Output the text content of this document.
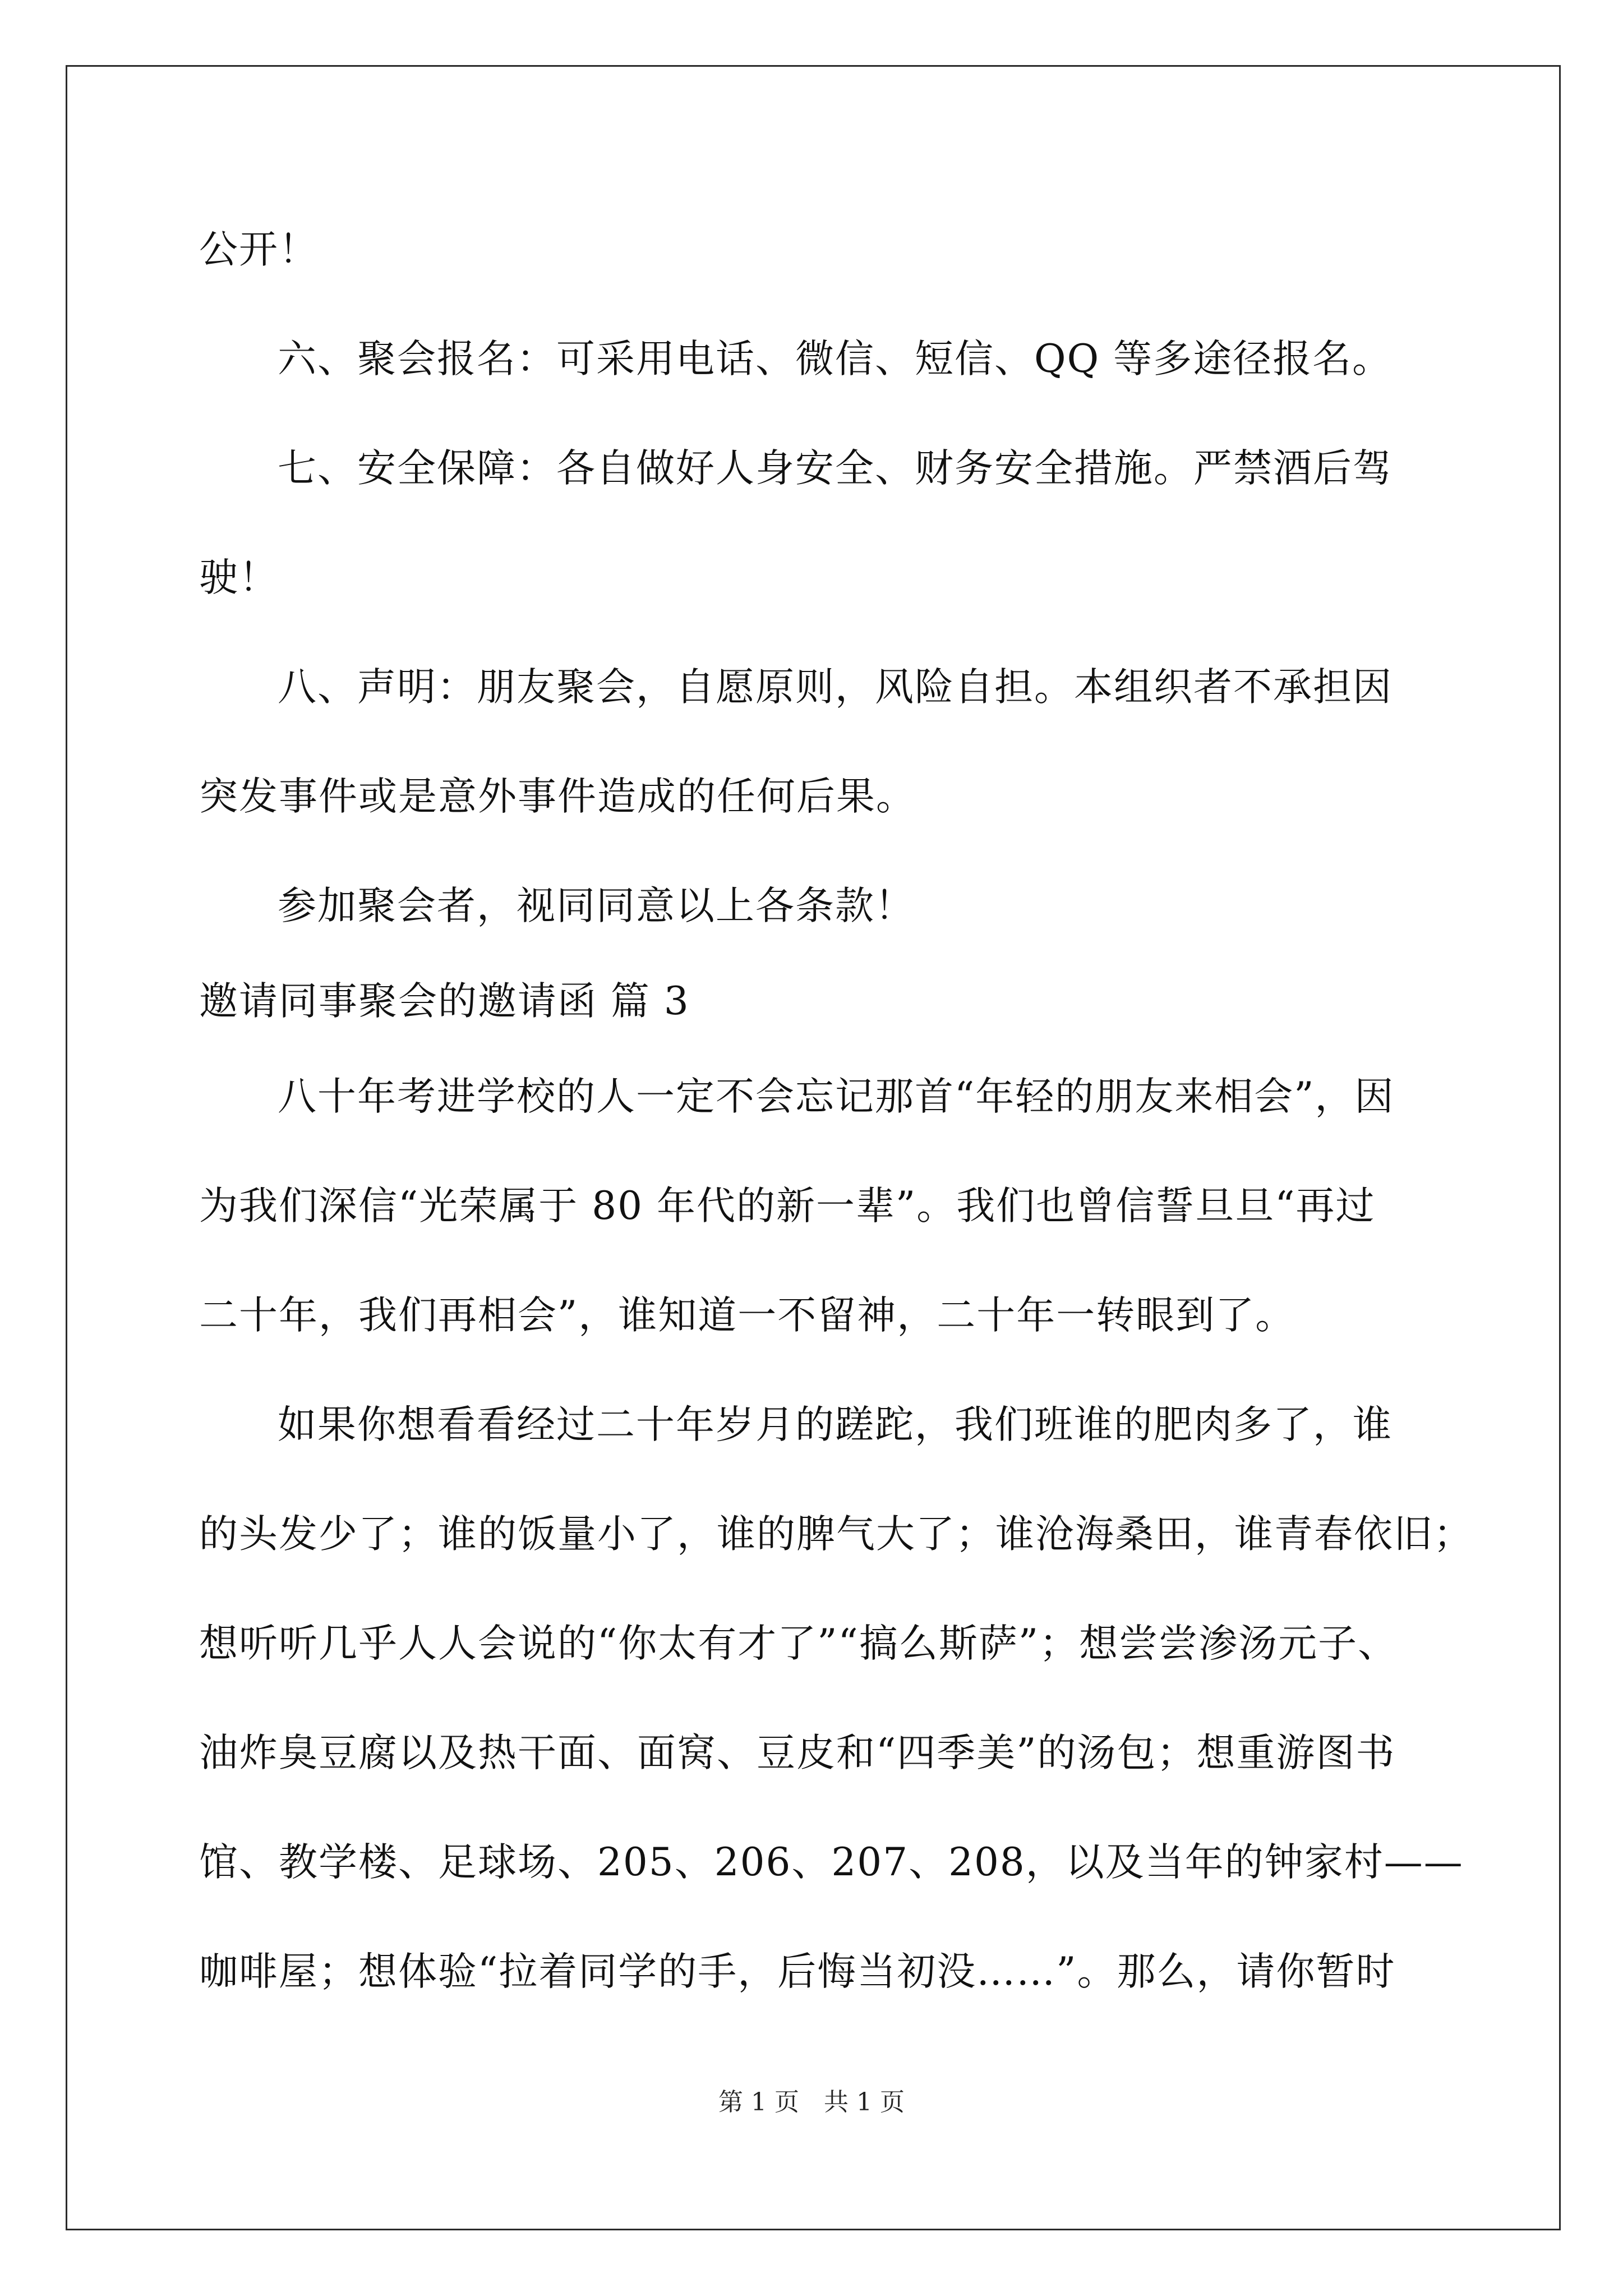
公开！
六、聚会报名：可采用电话、微信、短信、QQ 等多途径报名。
七、安全保障：各自做好人身安全、财务安全措施。严禁酒后驾
驶！
八、声明：朋友聚会，自愿原则，风险自担。本组织者不承担因
突发事件或是意外事件造成的任何后果。
参加聚会者，视同同意以上各条款！
邀请同事聚会的邀请函 篇 3
八十年考进学校的人一定不会忘记那首“年轻的朋友来相会”，因
为我们深信“光荣属于 80 年代的新一辈”。我们也曾信誓旦旦“再过
二十年，我们再相会”，谁知道一不留神，二十年一转眼到了。
如果你想看看经过二十年岁月的蹉跎，我们班谁的肥肉多了，谁
的头发少了；谁的饭量小了，谁的脾气大了；谁沧海桑田，谁青春依旧；
想听听几乎人人会说的“你太有才了”“搞么斯萨”；想尝尝渗汤元子、
油炸臭豆腐以及热干面、面窝、豆皮和“四季美”的汤包；想重游图书
馆、教学楼、足球场、205、206、207、208，以及当年的钟家村——
咖啡屋；想体验“拉着同学的手，后悔当初没……”。那么，请你暂时
第 1 页　共 1 页
